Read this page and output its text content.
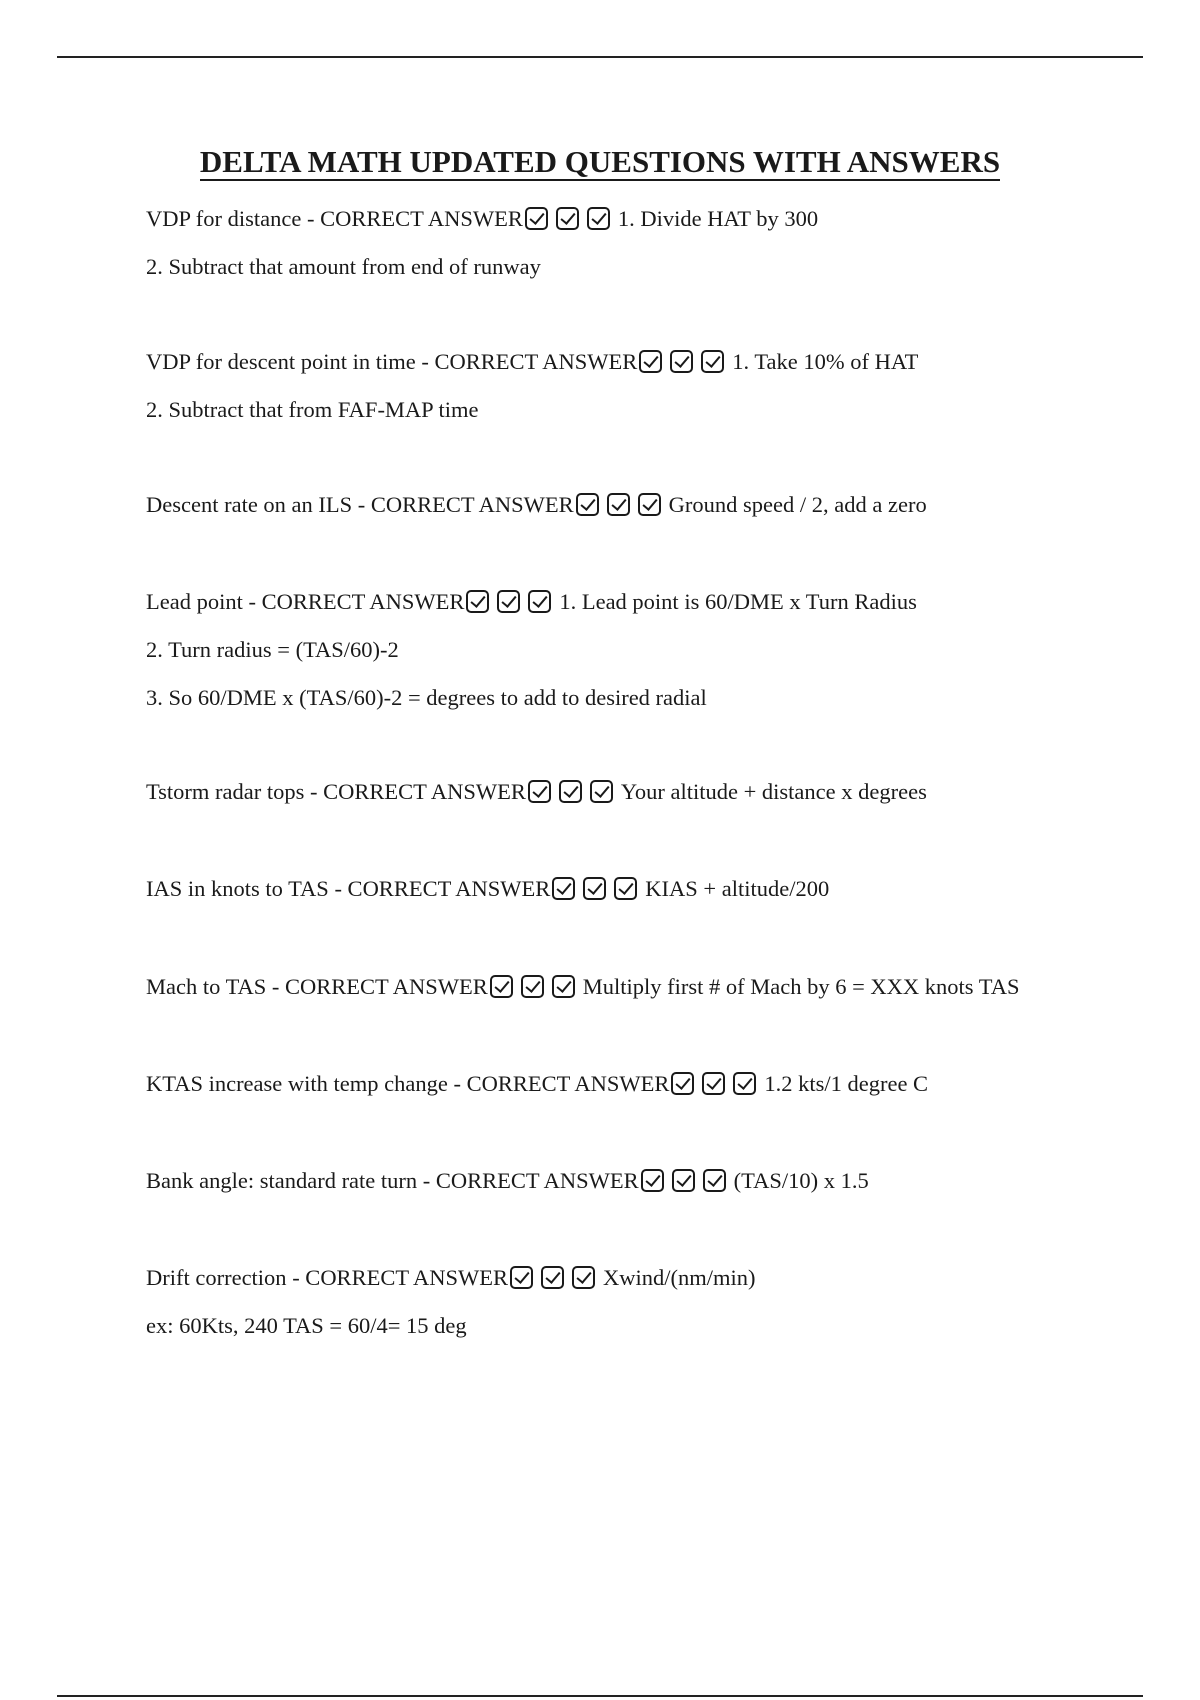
DELTA MATH UPDATED QUESTIONS WITH ANSWERS
VDP for distance - CORRECT ANSWER	1. Divide HAT by 300
2. Subtract that amount from end of runway
VDP for descent point in time - CORRECT ANSWER	1. Take 10% of HAT
2. Subtract that from FAF-MAP time
Descent rate on an ILS - CORRECT ANSWER	Ground speed / 2, add a zero
Lead point - CORRECT ANSWER	1. Lead point is 60/DME x Turn Radius
2. Turn radius = (TAS/60)-2
3. So 60/DME x (TAS/60)-2 = degrees to add to desired radial
Tstorm radar tops - CORRECT ANSWER	Your altitude + distance x degrees
IAS in knots to TAS - CORRECT ANSWER	KIAS + altitude/200
Mach to TAS - CORRECT ANSWER	Multiply first # of Mach by 6 = XXX knots TAS
KTAS increase with temp change - CORRECT ANSWER	1.2 kts/1 degree C
Bank angle: standard rate turn - CORRECT ANSWER	(TAS/10) x 1.5
Drift correction - CORRECT ANSWER	Xwind/(nm/min)
ex: 60Kts, 240 TAS = 60/4= 15 deg
